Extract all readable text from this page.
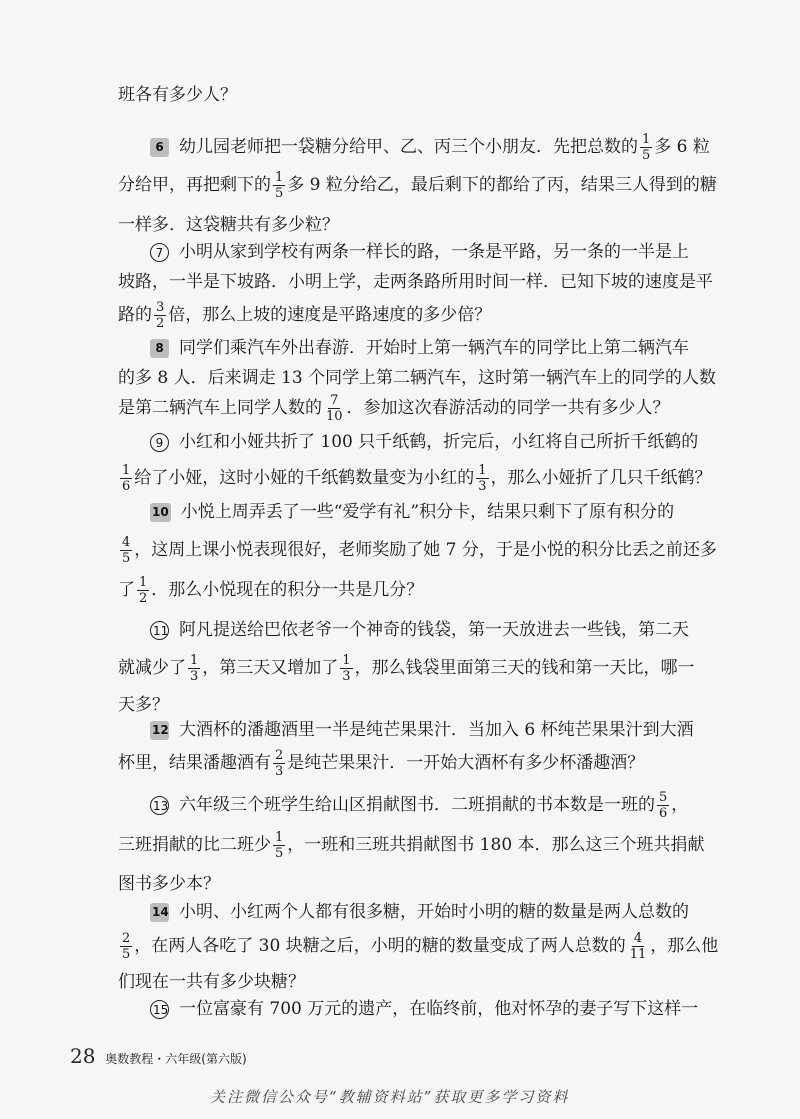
班各有多少人？
6 幼儿园老师把一袋糖分给甲、乙、丙三个小朋友．先把总数的 $\frac{1}{5}$ 多 6 粒
分给甲，再把剩下的 $\frac{1}{5}$ 多 9 粒分给乙，最后剩下的都给了丙，结果三人得到的糖
一样多．这袋糖共有多少粒？
7 小明从家到学校有两条一样长的路，一条是平路，另一条的一半是上
坡路，一半是下坡路．小明上学，走两条路所用时间一样．已知下坡的速度是平
路的 $\frac{3}{2}$ 倍，那么上坡的速度是平路速度的多少倍？
8 同学们乘汽车外出春游．开始时上第一辆汽车的同学比上第二辆汽车
的多 8 人．后来调走 13 个同学上第二辆汽车，这时第一辆汽车上的同学的人数
是第二辆汽车上同学人数的 $\frac{7}{10}$ ．参加这次春游活动的同学一共有多少人？
9 小红和小娅共折了 100 只千纸鹤，折完后，小红将自己所折千纸鹤的
$\frac{1}{6}$ 给了小娅，这时小娅的千纸鹤数量变为小红的 $\frac{1}{3}$ ，那么小娅折了几只千纸鹤？
10 小悦上周弄丢了一些“爱学有礼”积分卡，结果只剩下了原有积分的
$\frac{4}{5}$ ，这周上课小悦表现很好，老师奖励了她 7 分，于是小悦的积分比丢之前还多
了 $\frac{1}{2}$ ．那么小悦现在的积分一共是几分？
11 阿凡提送给巴依老爷一个神奇的钱袋，第一天放进去一些钱，第二天
就减少了 $\frac{1}{3}$ ，第三天又增加了 $\frac{1}{3}$ ，那么钱袋里面第三天的钱和第一天比，哪一
天多？
12 大酒杯的潘趣酒里一半是纯芒果果汁．当加入 6 杯纯芒果果汁到大酒
杯里，结果潘趣酒有 $\frac{2}{3}$ 是纯芒果果汁．一开始大酒杯有多少杯潘趣酒？
13 六年级三个班学生给山区捐献图书．二班捐献的书本数是一班的 $\frac{5}{6}$ ，
三班捐献的比二班少 $\frac{1}{5}$ ，一班和三班共捐献图书 180 本．那么这三个班共捐献
图书多少本？
14 小明、小红两个人都有很多糖，开始时小明的糖的数量是两人总数的
$\frac{2}{5}$ ，在两人各吃了 30 块糖之后，小明的糖的数量变成了两人总数的 $\frac{4}{11}$ ，那么他
们现在一共有多少块糖？
15 一位富豪有 700 万元的遗产，在临终前，他对怀孕的妻子写下这样一
28 奥数教程・六年级(第六版)
关注微信公众号“教辅资料站”获取更多学习资料
